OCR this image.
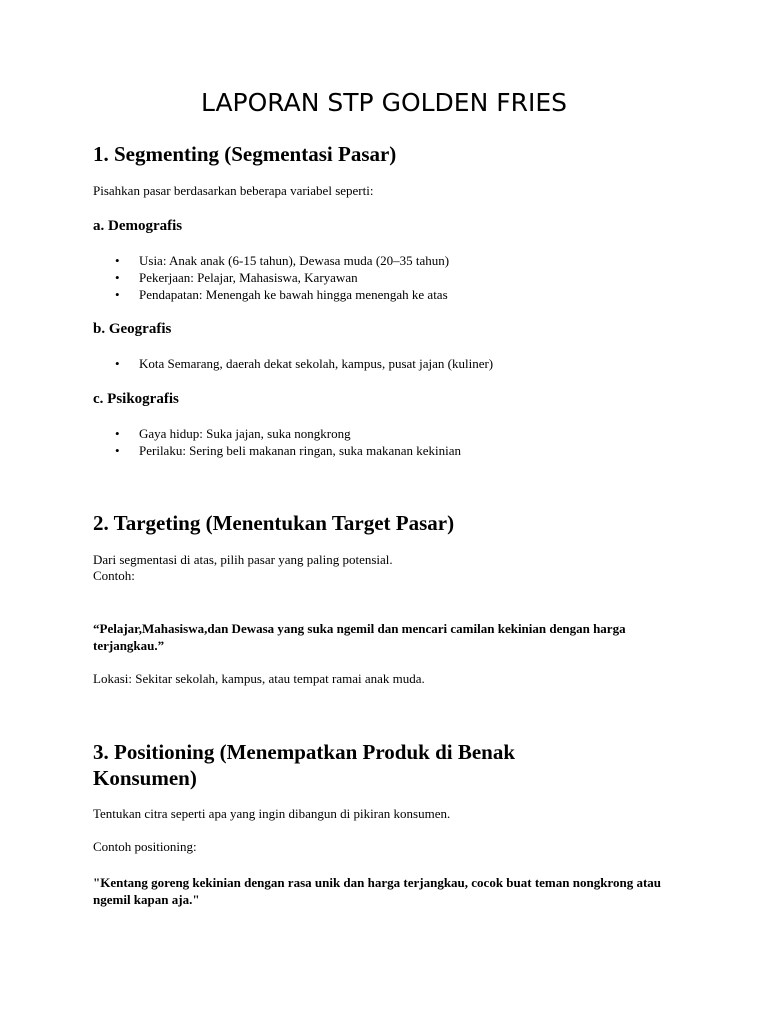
LAPORAN STP GOLDEN FRIES
1. Segmenting (Segmentasi Pasar)

Pisahkan pasar berdasarkan beberapa variabel seperti:

a. Demografis
• Usia: Anak anak (6-15 tahun), Dewasa muda (20–35 tahun)
• Pekerjaan: Pelajar, Mahasiswa, Karyawan
• Pendapatan: Menengah ke bawah hingga menengah ke atas
b. Geografis
• Kota Semarang, daerah dekat sekolah, kampus, pusat jajan (kuliner)
c. Psikografis
• Gaya hidup: Suka jajan, suka nongkrong
• Perilaku: Sering beli makanan ringan, suka makanan kekinian
2. Targeting (Menentukan Target Pasar)

Dari segmentasi di atas, pilih pasar yang paling potensial.

Contoh:

“Pelajar,Mahasiswa,dan Dewasa yang suka ngemil dan mencari camilan kekinian dengan harga terjangkau.”

Lokasi: Sekitar sekolah, kampus, atau tempat ramai anak muda.

3. Positioning (Menempatkan Produk di Benak Konsumen)

Tentukan citra seperti apa yang ingin dibangun di pikiran konsumen.

Contoh positioning:

"Kentang goreng kekinian dengan rasa unik dan harga terjangkau, cocok buat teman nongkrong atau ngemil kapan aja."
